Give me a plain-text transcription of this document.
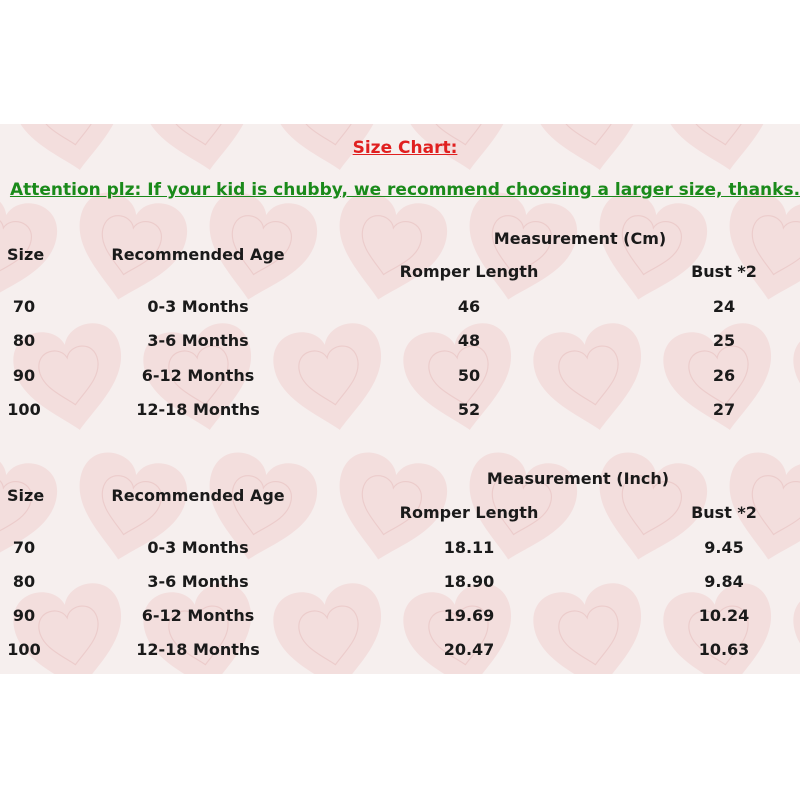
Size Chart:
Attention plz: If your kid is chubby, we recommend choosing a larger size, thanks.
Measurement (Cm)
Size	Recommended Age
Romper Length	Bust *2
70	0-3 Months	46	24
80	3-6 Months	48	25
90	6-12 Months	50	26
100	12-18 Months	52	27
Measurement (Inch)
Size	Recommended Age
Romper Length	Bust *2
70	0-3 Months	18.11	9.45
80	3-6 Months	18.90	9.84
90	6-12 Months	19.69	10.24
100	12-18 Months	20.47	10.63
